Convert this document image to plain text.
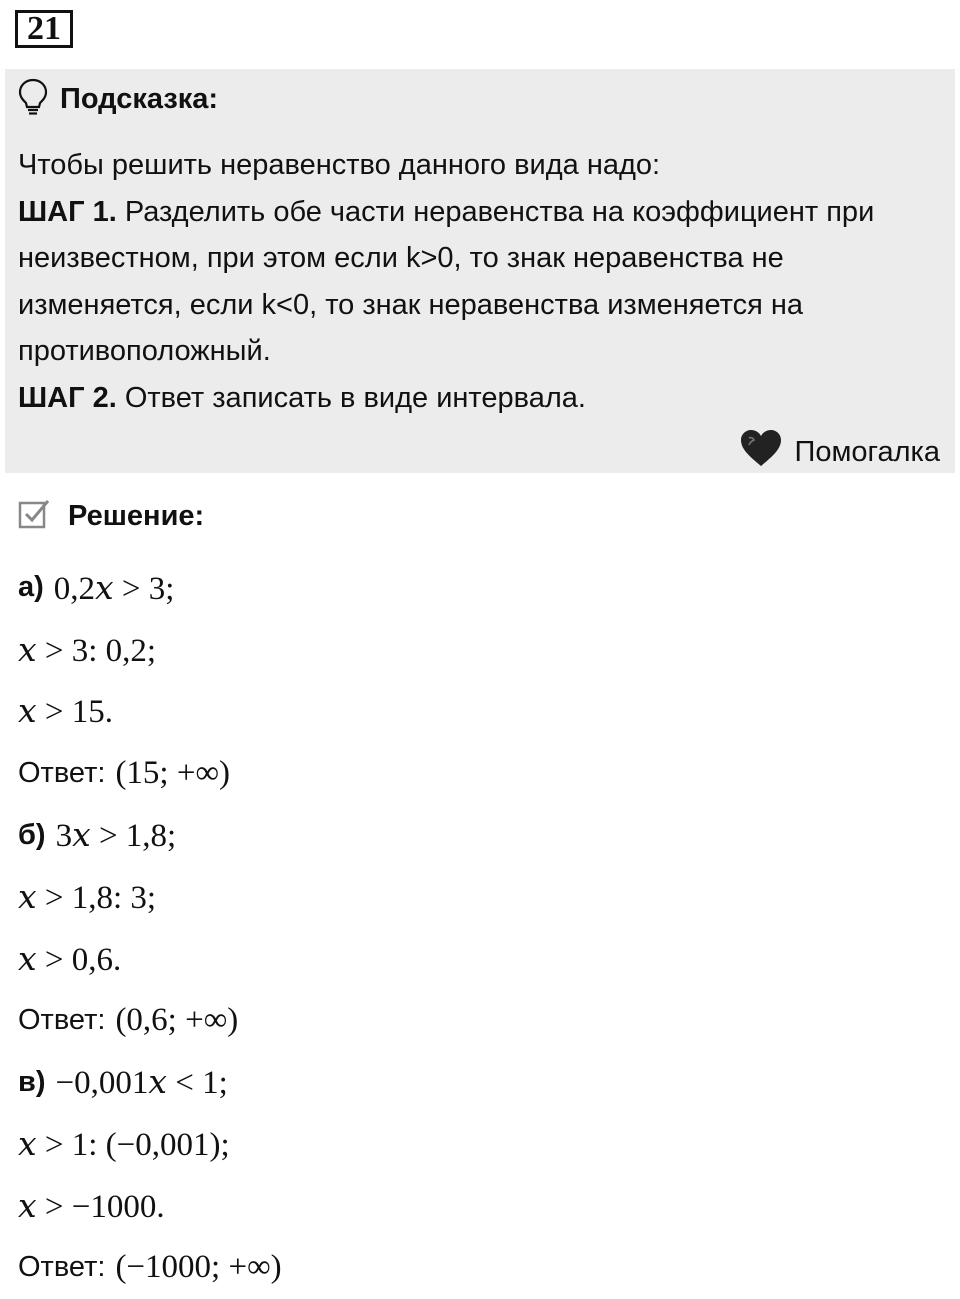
21
Подсказка:

Чтобы решить неравенство данного вида надо:

ШАГ 1. Разделить обе части неравенства на коэффициент при неизвестном, при этом если k>0, то знак неравенства не изменяется, если k<0, то знак неравенства изменяется на противоположный.

ШАГ 2. Ответ записать в виде интервала.

Помогалка
Решение:
а) 0,2𝑥 > 3;
𝑥 > 3: 0,2;
𝑥 > 15.
Ответ: (15; +∞)
б) 3𝑥 > 1,8;
𝑥 > 1,8: 3;
𝑥 > 0,6.
Ответ: (0,6; +∞)
в) −0,001𝑥 < 1;
𝑥 > 1: (−0,001);
𝑥 > −1000.
Ответ: (−1000; +∞)
